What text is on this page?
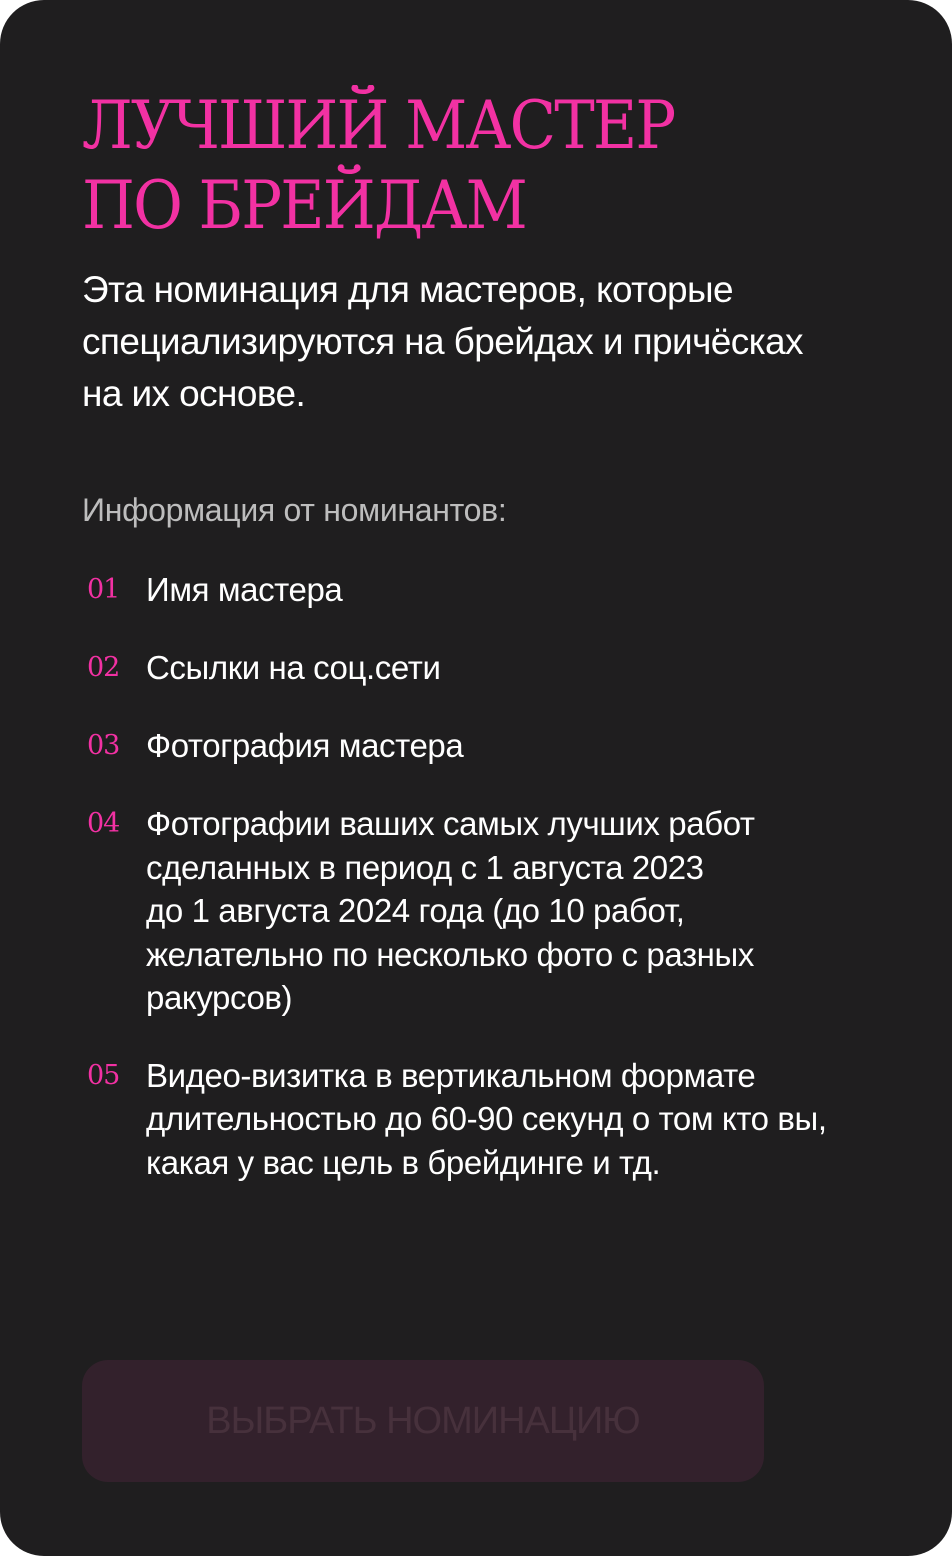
ЛУЧШИЙ МАСТЕР
ПО БРЕЙДАМ

Эта номинация для мастеров, которые специализируются на брейдах и причёсках на их основе.

Информация от номинантов:

01 Имя мастера
02 Ссылки на соц.сети
03 Фотография мастера
04 Фотографии ваших самых лучших работ сделанных в период с 1 августа 2023
до 1 августа 2024 года (до 10 работ, желательно по несколько фото с разных ракурсов)
05 Видео-визитка в вертикальном формате длительностью до 60-90 секунд о том кто вы, какая у вас цель в брейдинге и тд.
ВЫБРАТЬ НОМИНАЦИЮ
